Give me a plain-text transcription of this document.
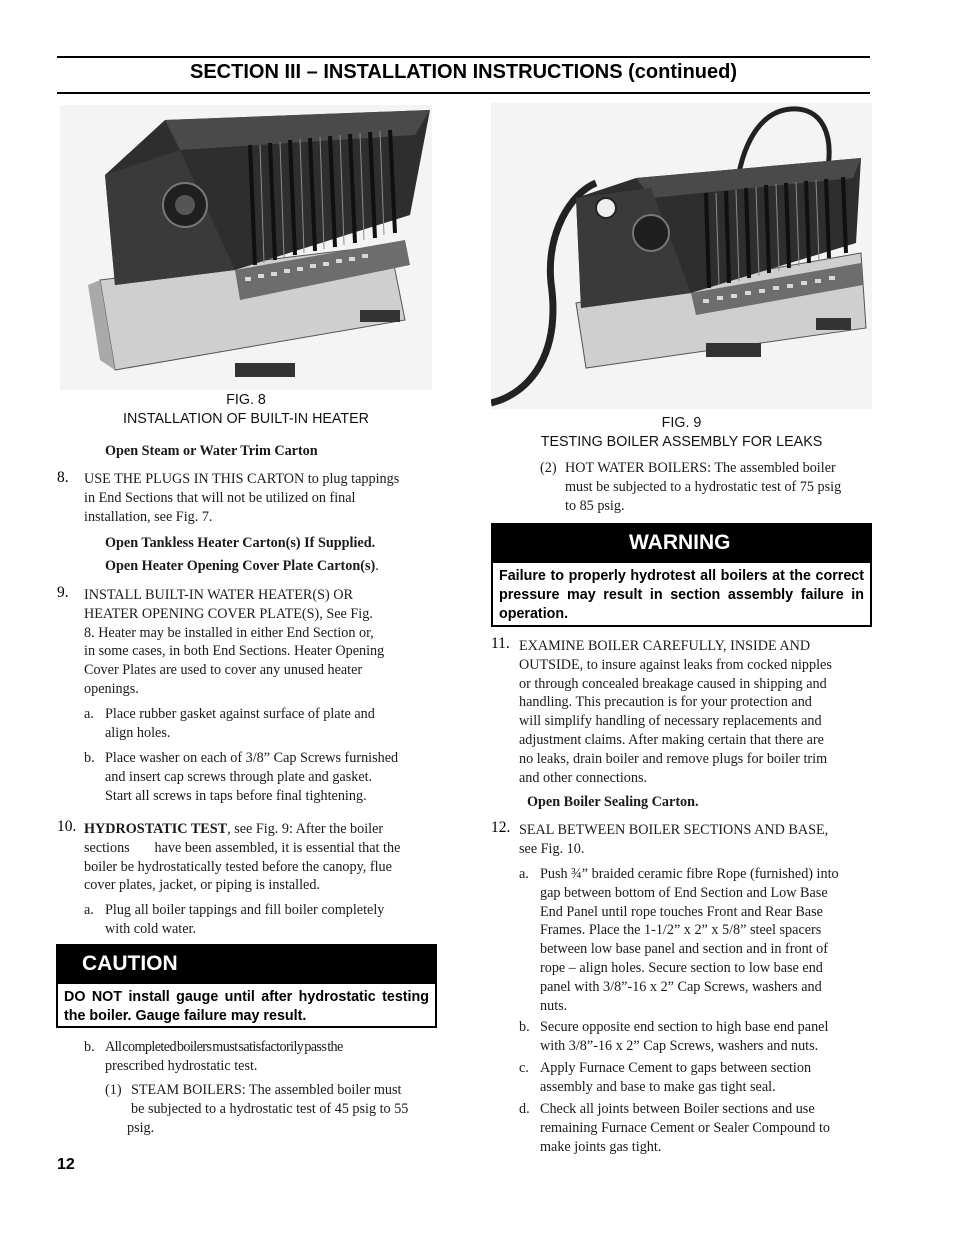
SECTION III – INSTALLATION INSTRUCTIONS (continued)
FIG. 8
INSTALLATION OF BUILT-IN HEATER	FIG. 9
TESTING BOILER ASSEMBLY FOR LEAKS
Open Steam or Water Trim Carton
8. USE THE PLUGS IN THIS CARTON to plug tappings
in End Sections that will not be utilized on final
installation, see Fig. 7.
Open Tankless Heater Carton(s) If Supplied.
Open Heater Opening Cover Plate Carton(s).
9. INSTALL BUILT-IN WATER HEATER(S) OR
HEATER OPENING COVER PLATE(S), See Fig.
8. Heater may be installed in either End Section or,
in some cases, in both End Sections. Heater Opening
Cover Plates are used to cover any unused heater
openings.
a. Place rubber gasket against surface of plate and
align holes.
b. Place washer on each of 3/8” Cap Screws furnished
and insert cap screws through plate and gasket.
Start all screws in taps before final tightening.
10. HYDROSTATIC TEST, see Fig. 9: After the boiler
sections       have been assembled, it is essential that the
boiler be hydrostatically tested before the canopy, flue
cover plates, jacket, or piping is installed.
a. Plug all boiler tappings and fill boiler completely
with cold water.
CAUTION
DO NOT install gauge until after hydrostatic testing the boiler. Gauge failure may result.
b. All completed boilers must satisfactorily pass the
prescribed hydrostatic test.
(1) STEAM BOILERS: The assembled boiler must
be subjected to a hydrostatic test of 45 psig to 55
psig.
12
(2) HOT WATER BOILERS: The assembled boiler
must be subjected to a hydrostatic test of 75 psig
to 85 psig.
WARNING
Failure to properly hydrotest all boilers at the correct pressure may result in section assembly failure in operation.
11. EXAMINE BOILER CAREFULLY, INSIDE AND
OUTSIDE, to insure against leaks from cocked nipples
or through concealed breakage caused in shipping and
handling. This precaution is for your protection and
will simplify handling of necessary replacements and
adjustment claims. After making certain that there are
no leaks, drain boiler and remove plugs for boiler trim
and other connections.
Open Boiler Sealing Carton.
12. SEAL BETWEEN BOILER SECTIONS AND BASE,
see Fig. 10.
a. Push ¾” braided ceramic fibre Rope (furnished) into
gap between bottom of End Section and Low Base
End Panel until rope touches Front and Rear Base
Frames. Place the 1-1/2” x 2” x 5/8” steel spacers
between low base panel and section and in front of
rope – align holes. Secure section to low base end
panel with 3/8”-16 x 2” Cap Screws, washers and
nuts.
b. Secure opposite end section to high base end panel
with 3/8”-16 x 2” Cap Screws, washers and nuts.
c. Apply Furnace Cement to gaps between section
assembly and base to make gas tight seal.
d. Check all joints between Boiler sections and use
remaining Furnace Cement or Sealer Compound to
make joints gas tight.
